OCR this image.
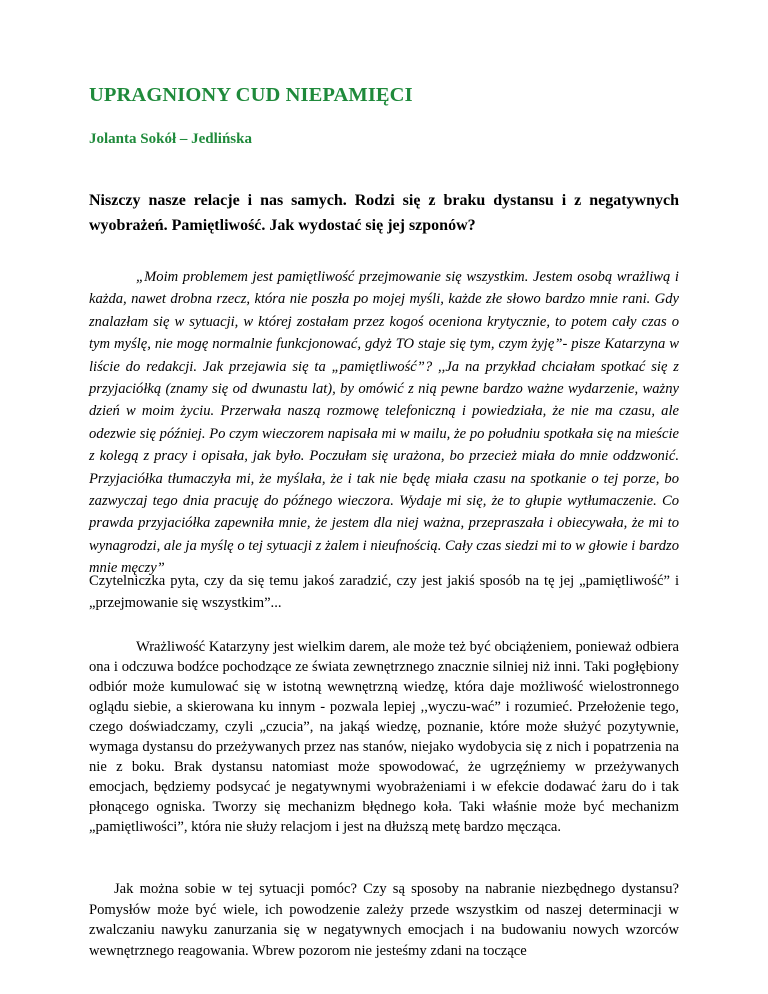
UPRAGNIONY CUD NIEPAMIĘCI

Jolanta Sokół – Jedlińska

Niszczy nasze relacje i nas samych. Rodzi się z braku dystansu i z negatywnych wyobrażeń. Pamiętliwość. Jak wydostać się jej szponów?

„Moim problemem jest pamiętliwość przejmowanie się wszystkim. Jestem osobą wrażliwą i każda, nawet drobna rzecz, która nie poszła po mojej myśli, każde złe słowo bardzo mnie rani. Gdy znalazłam się w sytuacji, w której zostałam przez kogoś oceniona krytycznie, to potem cały czas o tym myślę, nie mogę normalnie funkcjonować, gdyż TO staje się tym, czym żyję”- pisze Katarzyna w liście do redakcji. Jak przejawia się ta „pamiętliwość”? ,,Ja na przykład chciałam spotkać się z przyjaciółką (znamy się od dwunastu lat), by omówić z nią pewne bardzo ważne wydarzenie, ważny dzień w moim życiu. Przerwała naszą rozmowę telefoniczną i powiedziała, że nie ma czasu, ale odezwie się później. Po czym wieczorem napisała mi w mailu, że po południu spotkała się na mieście z kolegą z pracy i opisała, jak było. Poczułam się urażona, bo przecież miała do mnie oddzwonić. Przyjaciółka tłumaczyła mi, że myślała, że i tak nie będę miała czasu na spotkanie o tej porze, bo zazwyczaj tego dnia pracuję do późnego wieczora. Wydaje mi się, że to głupie wytłumaczenie. Co prawda przyjaciółka zapewniła mnie, że jestem dla niej ważna, przepraszała i obiecywała, że mi to wynagrodzi, ale ja myślę o tej sytuacji z żalem i nieufnością. Cały czas siedzi mi to w głowie i bardzo mnie męczy”

Czytelniczka pyta, czy da się temu jakoś zaradzić, czy jest jakiś sposób na tę jej „pamiętliwość” i „przejmowanie się wszystkim”...

Wrażliwość Katarzyny jest wielkim darem, ale może też być obciążeniem, ponieważ odbiera ona i odczuwa bodźce pochodzące ze świata zewnętrznego znacznie silniej niż inni. Taki pogłębiony odbiór może kumulować się w istotną wewnętrzną wiedzę, która daje możliwość wielostronnego oglądu siebie, a skierowana ku innym - pozwala lepiej ,,wyczu-wać” i rozumieć. Przełożenie tego, czego doświadczamy, czyli „czucia”, na jakąś wiedzę, poznanie, które może służyć pozytywnie, wymaga dystansu do przeżywanych przez nas stanów, niejako wydobycia się z nich i popatrzenia na nie z boku. Brak dystansu natomiast może spowodować, że ugrzęźniemy w przeżywanych emocjach, będziemy podsycać je negatywnymi wyobrażeniami i w efekcie dodawać żaru do i tak płonącego ogniska. Tworzy się mechanizm błędnego koła. Taki właśnie może być mechanizm „pamiętliwości”, która nie służy relacjom i jest na dłuższą metę bardzo męcząca.

Jak można sobie w tej sytuacji pomóc? Czy są sposoby na nabranie niezbędnego dystansu? Pomysłów może być wiele, ich powodzenie zależy przede wszystkim od naszej determinacji w zwalczaniu nawyku zanurzania się w negatywnych emocjach i na budowaniu nowych wzorców wewnętrznego reagowania. Wbrew pozorom nie jesteśmy zdani na toczące
